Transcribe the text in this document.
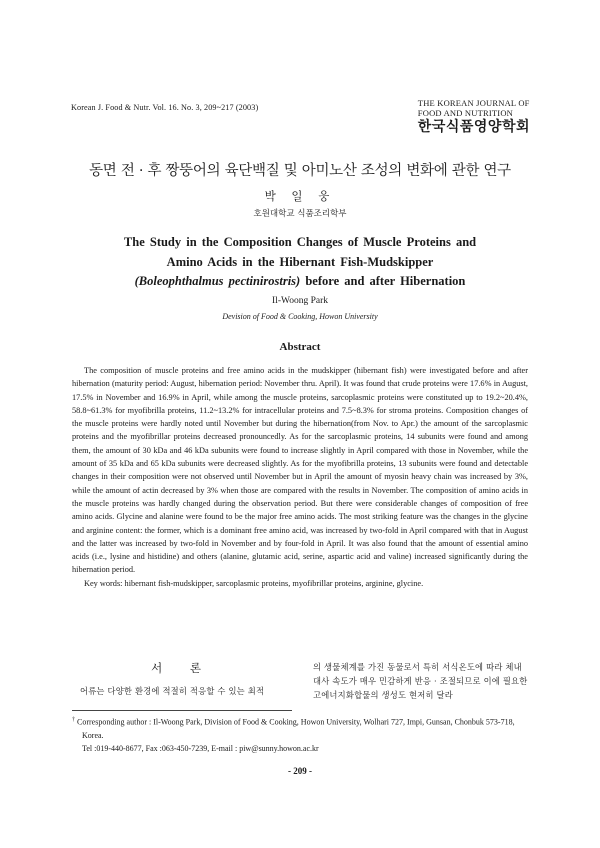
Korean J. Food & Nutr. Vol. 16. No. 3, 209~217 (2003)	THE KOREAN JOURNAL OF
FOOD AND NUTRITION
한국식품영양학회
동면 전 · 후 짱뚱어의 육단백질 및 아미노산 조성의 변화에 관한 연구
박 일 웅
호원대학교 식품조리학부
The Study in the Composition Changes of Muscle Proteins and
Amino Acids in the Hibernant Fish-Mudskipper
(Boleophthalmus pectinirostris) before and after Hibernation
Il-Woong Park
Devision of Food & Cooking, Howon University
Abstract

The composition of muscle proteins and free amino acids in the mudskipper (hibernant fish) were investigated before and after hibernation (maturity period: August, hibernation period: November thru. April). It was found that crude proteins were 17.6% in August, 17.5% in November and 16.9% in April, while among the muscle proteins, sarcoplasmic proteins were constituted up to 19.2~20.4%, 58.8~61.3% for myofibrilla proteins, 11.2~13.2% for intracellular proteins and 7.5~8.3% for stroma proteins. Composition changes of the muscle proteins were hardly noted until November but during the hibernation(from Nov. to Apr.) the amount of the sarcoplasmic proteins and the myofibrillar proteins decreased pronouncedly. As for the sarcoplasmic proteins, 14 subunits were found and among them, the amount of 30 kDa and 46 kDa subunits were found to increase slightly in April compared with those in November, while the amount of 35 kDa and 65 kDa subunits were decreased slightly. As for the myofibrilla proteins, 13 subunits were found and detectable changes in their composition were not observed until November but in April the amount of myosin heavy chain was increased by 3%, while the amount of actin decreased by 3% when those are compared with the results in November. The composition of amino acids in the muscle proteins was hardly changed during the observation period. But there were considerable changes of composition of free amino acids. Glycine and alanine were found to be the major free amino acids. The most striking feature was the changes in the glycine and arginine content: the former, which is a dominant free amino acid, was increased by two-fold in April compared with that in August and the latter was increased by two-fold in November and by four-fold in April. It was also found that the amount of essential amino acids (i.e., lysine and histidine) and others (alanine, glutamic acid, serine, aspartic acid and valine) increased significantly during the hibernation period.

Key words: hibernant fish-mudskipper, sarcoplasmic proteins, myofibrillar proteins, arginine, glycine.

서 론
어류는 다양한 환경에 적절히 적응할 수 있는 최적
의 생물체계를 가진 동물로서 특히 서식온도에 따라 체내대사 속도가 매우 민감하게 반응 · 조절되므로 이에 필요한 고에너지화합물의 생성도 현저히 달라
† Corresponding author : Il-Woong Park, Division of Food & Cooking, Howon University, Wolhari 727, Impi, Gunsan, Chonbuk 573-718, Korea.
Tel :019-440-8677, Fax :063-450-7239, E-mail : piw@sunny.howon.ac.kr
- 209 -
